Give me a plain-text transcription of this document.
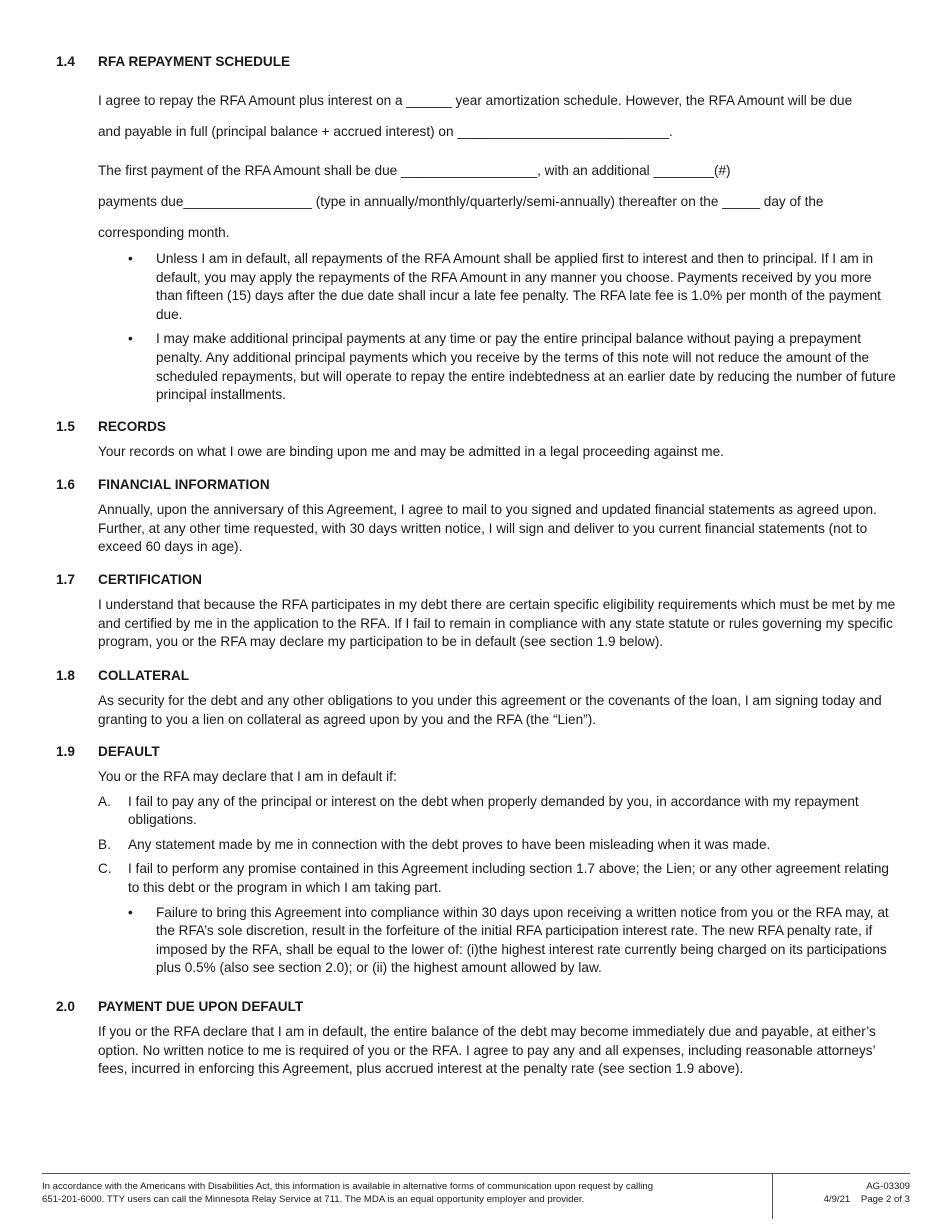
1.4	RFA REPAYMENT SCHEDULE

I agree to repay the RFA Amount plus interest on a ______ year amortization schedule. However, the RFA Amount will be due

and payable in full (principal balance + accrued interest) on ____________________________.

The first payment of the RFA Amount shall be due __________________, with an additional ________(#)

payments due_________________ (type in annually/monthly/quarterly/semi-annually) thereafter on the _____ day of the

corresponding month.

• Unless I am in default, all repayments of the RFA Amount shall be applied first to interest and then to principal. If I am in default, you may apply the repayments of the RFA Amount in any manner you choose. Payments received by you more than fifteen (15) days after the due date shall incur a late fee penalty. The RFA late fee is 1.0% per month of the payment due.
• I may make additional principal payments at any time or pay the entire principal balance without paying a prepayment penalty. Any additional principal payments which you receive by the terms of this note will not reduce the amount of the scheduled repayments, but will operate to repay the entire indebtedness at an earlier date by reducing the number of future principal installments.
1.5	RECORDS

Your records on what I owe are binding upon me and may be admitted in a legal proceeding against me.

1.6	FINANCIAL INFORMATION

Annually, upon the anniversary of this Agreement, I agree to mail to you signed and updated financial statements as agreed upon. Further, at any other time requested, with 30 days written notice, I will sign and deliver to you current financial statements (not to exceed 60 days in age).

1.7	CERTIFICATION

I understand that because the RFA participates in my debt there are certain specific eligibility requirements which must be met by me and certified by me in the application to the RFA. If I fail to remain in compliance with any state statute or rules governing my specific program, you or the RFA may declare my participation to be in default (see section 1.9 below).

1.8	COLLATERAL

As security for the debt and any other obligations to you under this agreement or the covenants of the loan, I am signing today and granting to you a lien on collateral as agreed upon by you and the RFA (the “Lien”).

1.9	DEFAULT

You or the RFA may declare that I am in default if:

A. I fail to pay any of the principal or interest on the debt when properly demanded by you, in accordance with my repayment obligations.
B. Any statement made by me in connection with the debt proves to have been misleading when it was made.
C. I fail to perform any promise contained in this Agreement including section 1.7 above; the Lien; or any other agreement relating to this debt or the program in which I am taking part.
• Failure to bring this Agreement into compliance within 30 days upon receiving a written notice from you or the RFA may, at the RFA’s sole discretion, result in the forfeiture of the initial RFA participation interest rate. The new RFA penalty rate, if imposed by the RFA, shall be equal to the lower of: (i)the highest interest rate currently being charged on its participations plus 0.5% (also see section 2.0); or (ii) the highest amount allowed by law.
2.0	PAYMENT DUE UPON DEFAULT

If you or the RFA declare that I am in default, the entire balance of the debt may become immediately due and payable, at either’s option. No written notice to me is required of you or the RFA. I agree to pay any and all expenses, including reasonable attorneys’ fees, incurred in enforcing this Agreement, plus accrued interest at the penalty rate (see section 1.9 above).

In accordance with the Americans with Disabilities Act, this information is available in alternative forms of communication upon request by calling
651-201-6000. TTY users can call the Minnesota Relay Service at 711. The MDA is an equal opportunity employer and provider.
AG-03309
4/9/21 Page 2 of 3
